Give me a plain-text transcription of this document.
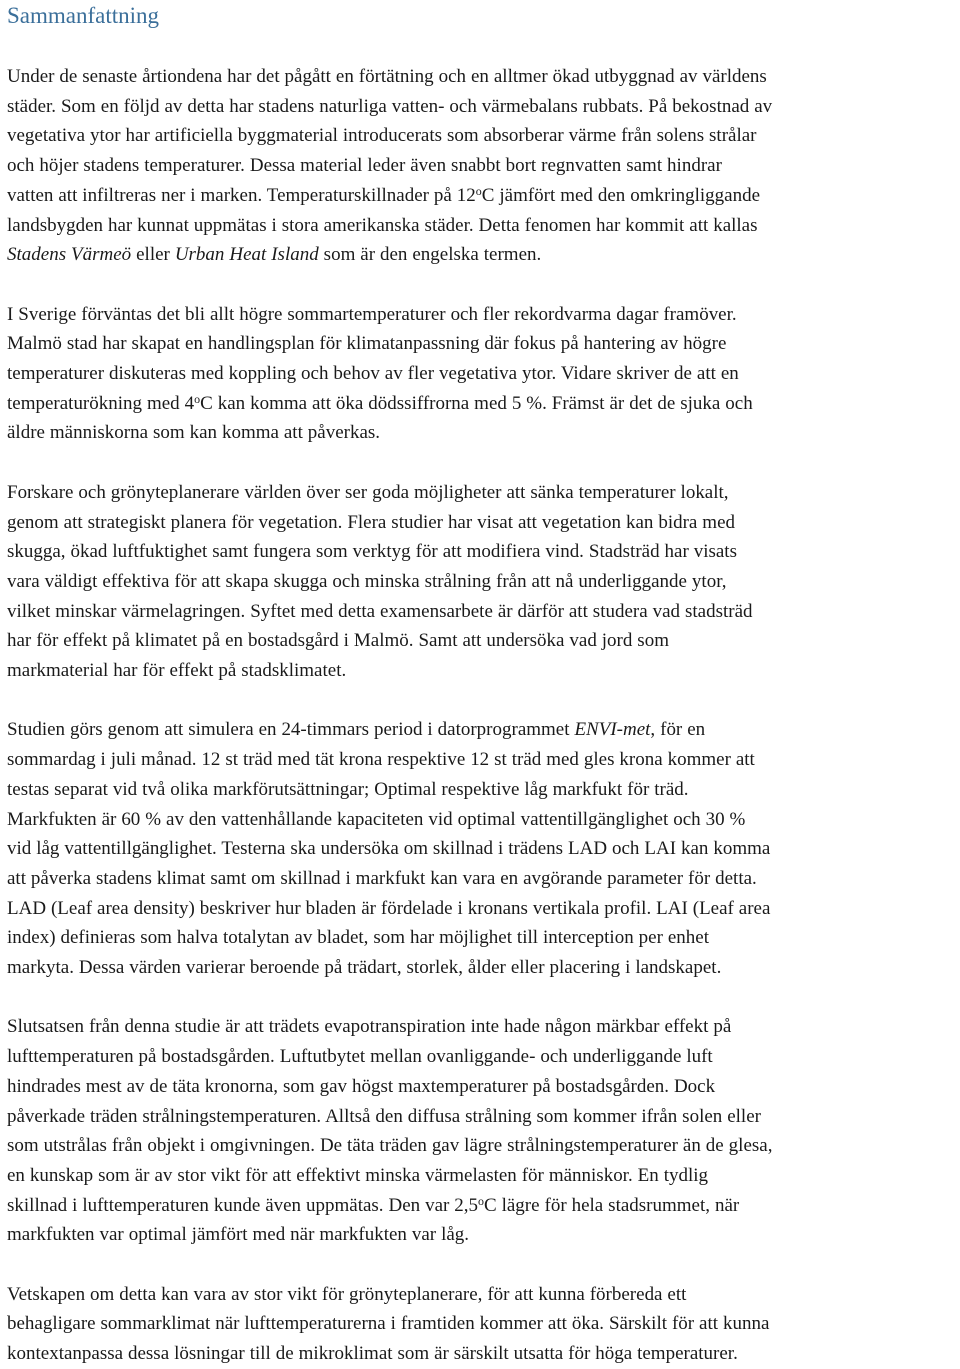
Sammanfattning

Under de senaste årtiondena har det pågått en förtätning och en alltmer ökad utbyggnad av världens
städer. Som en följd av detta har stadens naturliga vatten- och värmebalans rubbats. På bekostnad av
vegetativa ytor har artificiella byggmaterial introducerats som absorberar värme från solens strålar
och höjer stadens temperaturer. Dessa material leder även snabbt bort regnvatten samt hindrar
vatten att infiltreras ner i marken. Temperaturskillnader på 12$^o$C jämfört med den omkringliggande
landsbygden har kunnat uppmätas i stora amerikanska städer. Detta fenomen har kommit att kallas
Stadens Värmeö eller Urban Heat Island som är den engelska termen.

I Sverige förväntas det bli allt högre sommartemperaturer och fler rekordvarma dagar framöver.
Malmö stad har skapat en handlingsplan för klimatanpassning där fokus på hantering av högre
temperaturer diskuteras med koppling och behov av fler vegetativa ytor. Vidare skriver de att en
temperaturökning med 4$^o$C kan komma att öka dödssiffrorna med 5 %. Främst är det de sjuka och
äldre människorna som kan komma att påverkas.

Forskare och grönyteplanerare världen över ser goda möjligheter att sänka temperaturer lokalt,
genom att strategiskt planera för vegetation. Flera studier har visat att vegetation kan bidra med
skugga, ökad luftfuktighet samt fungera som verktyg för att modifiera vind. Stadsträd har visats
vara väldigt effektiva för att skapa skugga och minska strålning från att nå underliggande ytor,
vilket minskar värmelagringen. Syftet med detta examensarbete är därför att studera vad stadsträd
har för effekt på klimatet på en bostadsgård i Malmö. Samt att undersöka vad jord som
markmaterial har för effekt på stadsklimatet.

Studien görs genom att simulera en 24-timmars period i datorprogrammet ENVI-met, för en
sommardag i juli månad. 12 st träd med tät krona respektive 12 st träd med gles krona kommer att
testas separat vid två olika markförutsättningar; Optimal respektive låg markfukt för träd.
Markfukten är 60 % av den vattenhållande kapaciteten vid optimal vattentillgänglighet och 30 %
vid låg vattentillgänglighet. Testerna ska undersöka om skillnad i trädens LAD och LAI kan komma
att påverka stadens klimat samt om skillnad i markfukt kan vara en avgörande parameter för detta.
LAD (Leaf area density) beskriver hur bladen är fördelade i kronans vertikala profil. LAI (Leaf area
index) definieras som halva totalytan av bladet, som har möjlighet till interception per enhet
markyta. Dessa värden varierar beroende på trädart, storlek, ålder eller placering i landskapet.

Slutsatsen från denna studie är att trädets evapotranspiration inte hade någon märkbar effekt på
lufttemperaturen på bostadsgården. Luftutbytet mellan ovanliggande- och underliggande luft
hindrades mest av de täta kronorna, som gav högst maxtemperaturer på bostadsgården. Dock
påverkade träden strålningstemperaturen. Alltså den diffusa strålning som kommer ifrån solen eller
som utstrålas från objekt i omgivningen. De täta träden gav lägre strålningstemperaturer än de glesa,
en kunskap som är av stor vikt för att effektivt minska värmelasten för människor. En tydlig
skillnad i lufttemperaturen kunde även uppmätas. Den var 2,5$^o$C lägre för hela stadsrummet, när
markfukten var optimal jämfört med när markfukten var låg.

Vetskapen om detta kan vara av stor vikt för grönyteplanerare, för att kunna förbereda ett
behagligare sommarklimat när lufttemperaturerna i framtiden kommer att öka. Särskilt för att kunna
kontextanpassa dessa lösningar till de mikroklimat som är särskilt utsatta för höga temperaturer.
